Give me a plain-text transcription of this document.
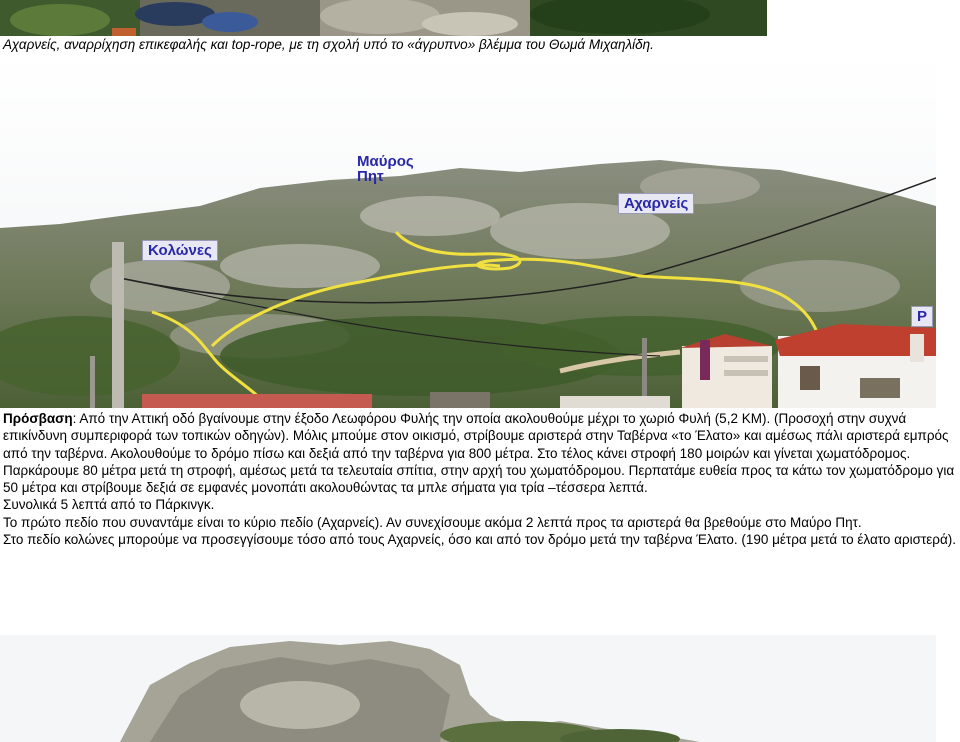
Αχαρνείς, αναρρίχηση επικεφαλής και top-rope, με τη σχολή υπό το «άγρυπνο» βλέμμα του Θωμά Μιχαηλίδη.
Μαύρος
Πητ
Αχαρνείς
Κολώνες
P

Πρόσβαση: Από την Αττική οδό βγαίνουμε στην έξοδο Λεωφόρου Φυλής την οποία ακολουθούμε μέχρι το χωριό Φυλή (5,2 ΚΜ). (Προσοχή στην συχνά επικίνδυνη συμπεριφορά των τοπικών οδηγών). Μόλις μπούμε στον οικισμό, στρίβουμε αριστερά στην Ταβέρνα «το Έλατο» και αμέσως πάλι αριστερά εμπρός από την ταβέρνα. Ακολουθούμε το δρόμο πίσω και δεξιά από την ταβέρνα για 800 μέτρα. Στο τέλος κάνει στροφή 180 μοιρών και γίνεται χωματόδρομος. Παρκάρουμε 80 μέτρα μετά τη στροφή, αμέσως μετά τα τελευταία σπίτια, στην αρχή του χωματόδρομου. Περπατάμε ευθεία προς τα κάτω τον χωματόδρομο για 50 μέτρα και στρίβουμε δεξιά σε εμφανές μονοπάτι ακολουθώντας τα μπλε σήματα για τρία –τέσσερα λεπτά.

Συνολικά 5 λεπτά από το Πάρκινγκ.

Το πρώτο πεδίο που συναντάμε είναι το κύριο πεδίο (Αχαρνείς). Αν συνεχίσουμε ακόμα 2 λεπτά προς τα αριστερά θα βρεθούμε στο Μαύρο Πητ.

Στο πεδίο κολώνες μπορούμε να προσεγγίσουμε τόσο από τους Αχαρνείς, όσο και από τον δρόμο μετά την ταβέρνα Έλατο. (190 μέτρα μετά το έλατο αριστερά).
